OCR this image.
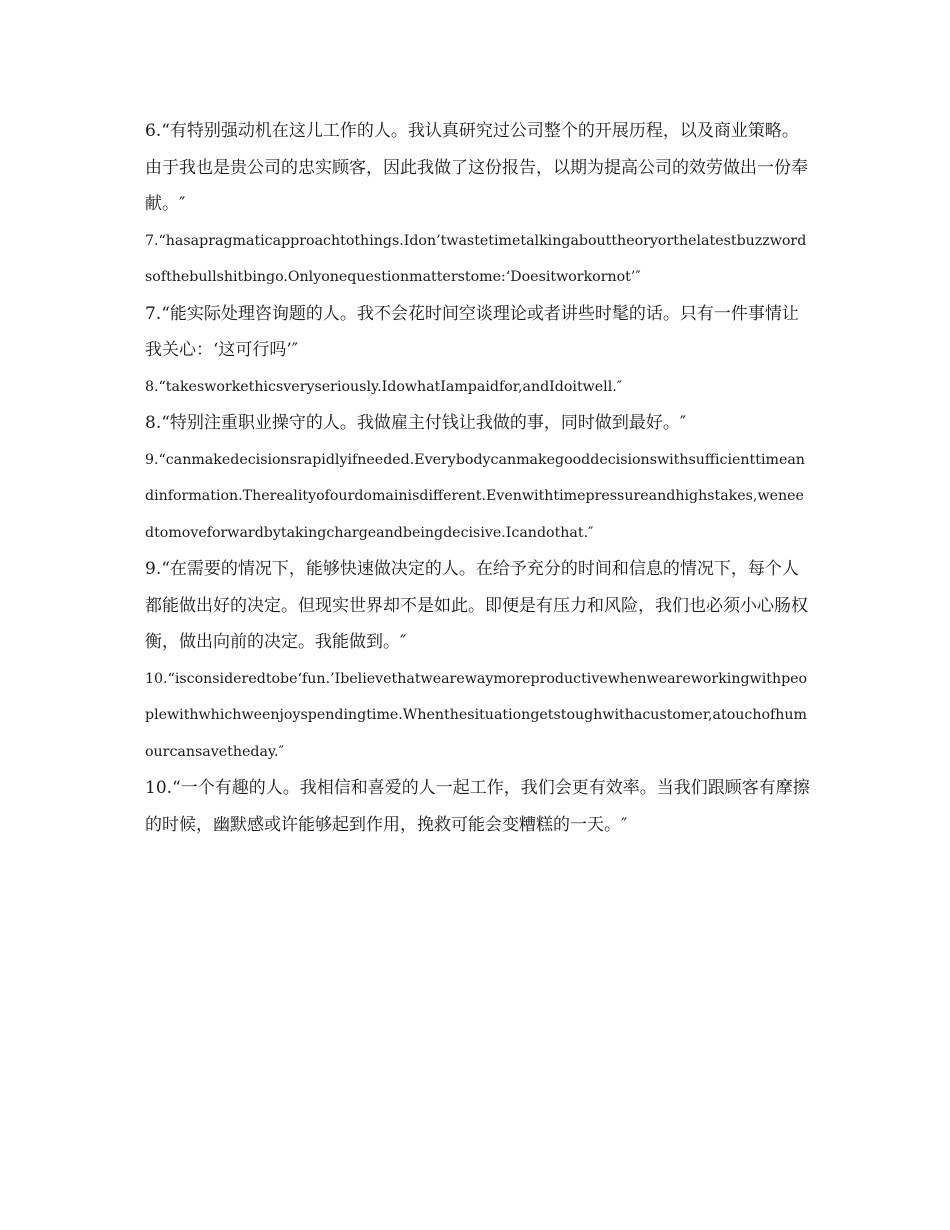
6.“有特别强动机在这儿工作的人。我认真研究过公司整个的开展历程，以及商业策略。由于我也是贵公司的忠实顾客，因此我做了这份报告，以期为提高公司的效劳做出一份奉献。″

7.“hasapragmaticapproachtothings.Idon’twastetimetalkingabouttheoryorthelatestbuzzwordsofthebullshitbingo.Onlyonequestionmatterstome:‘Doesitworkornot’″

7.“能实际处理咨询题的人。我不会花时间空谈理论或者讲些时髦的话。只有一件事情让我关心：‘这可行吗’″

8.“takesworkethicsveryseriously.IdowhatIampaidfor,andIdoitwell.″

8.“特别注重职业操守的人。我做雇主付钱让我做的事，同时做到最好。″

9.“canmakedecisionsrapidlyifneeded.Everybodycanmakegooddecisionswithsufficienttimeandinformation.Therealityofourdomainisdifferent.Evenwithtimepressureandhighstakes,weneedtomoveforwardbytakingchargeandbeingdecisive.Icandothat.″

9.“在需要的情况下，能够快速做决定的人。在给予充分的时间和信息的情况下，每个人都能做出好的决定。但现实世界却不是如此。即便是有压力和风险，我们也必须小心肠权衡，做出向前的决定。我能做到。″

10.“isconsideredtobe‘fun.’Ibelievethatwearewaymoreproductivewhenweareworkingwithpeoplewithwhichweenjoyspendingtime.Whenthesituationgetstoughwithacustomer,atouchofhumourcansavetheday.″

10.“一个有趣的人。我相信和喜爱的人一起工作，我们会更有效率。当我们跟顾客有摩擦的时候，幽默感或许能够起到作用，挽救可能会变糟糕的一天。″
